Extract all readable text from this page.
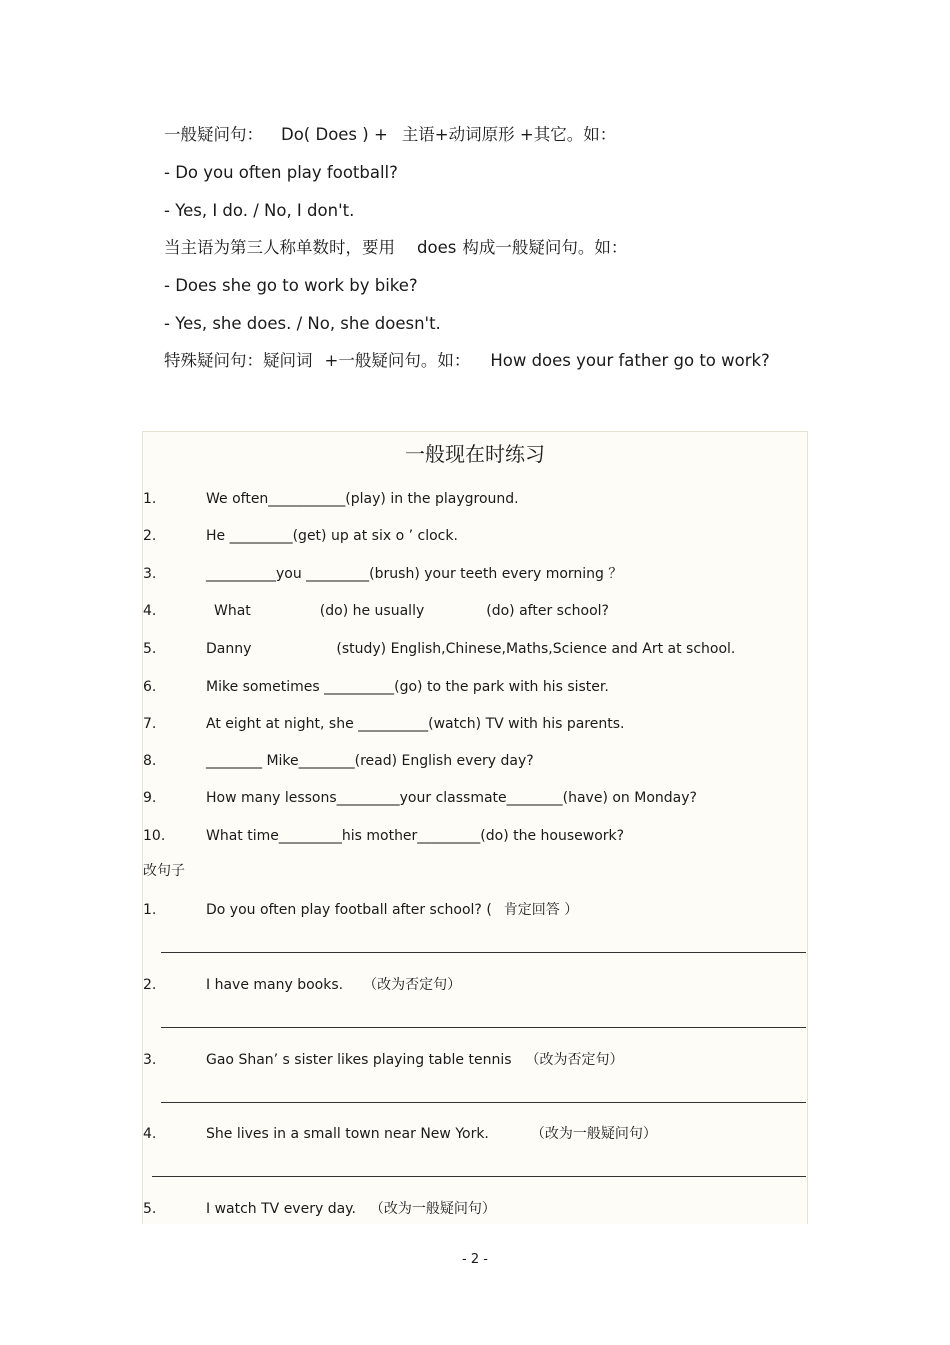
一般疑问句： Do( Does ) + 主语+动词原形 +其它。如：
- Do you often play football?
- Yes, I do. / No, I don't.
当主语为第三人称单数时，要用 does 构成一般疑问句。如：
- Does she go to work by bike?
- Yes, she does. / No, she doesn't.
特殊疑问句：疑问词 +一般疑问句。如： How does your father go to work?
一般现在时练习
1.	We often___________(play) in the playground.
2.	He _________(get) up at six o ’ clock.
3.	__________you _________(brush) your teeth every morning ？
4.	What	(do) he usually	(do) after school?
5.	Danny	(study) English,Chinese,Maths,Science and Art at school.
6.	Mike sometimes __________(go) to the park with his sister.
7.	At eight at night, she __________(watch) TV with his parents.
8.	________ Mike________(read) English every day?
9.	How many lessons_________your classmate________(have) on Monday?
10.	What time_________his mother_________(do) the housework?
改句子
1.	Do you often play football after school? ( 肯定回答 ）
2.	I have many books. （改为否定句）
3.	Gao Shan’ s sister likes playing table tennis （改为否定句）
4.	She lives in a small town near New York.	（改为一般疑问句）
5.	I watch TV every day. （改为一般疑问句）
- 2 -
